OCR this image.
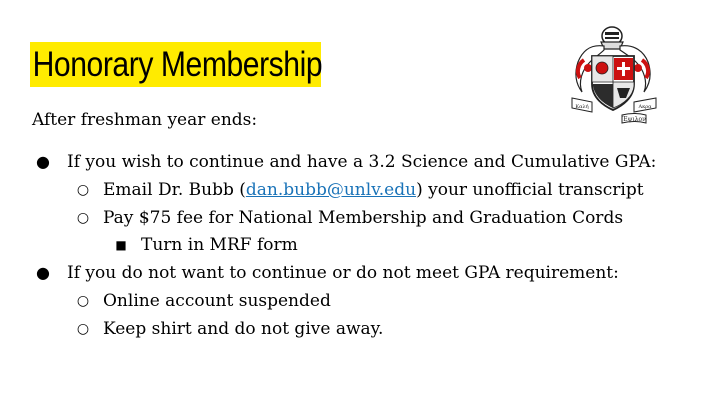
Honorary Membership
After freshman year ends:
Καλή	Ακρα
Έψιλον
● If you wish to continue and have a 3.2 Science and Cumulative GPA:
○ Email Dr. Bubb (dan.bubb@unlv.edu) your unofficial transcript
○ Pay $75 fee for National Membership and Graduation Cords
■ Turn in MRF form
● If you do not want to continue or do not meet GPA requirement:
○ Online account suspended
○ Keep shirt and do not give away.
